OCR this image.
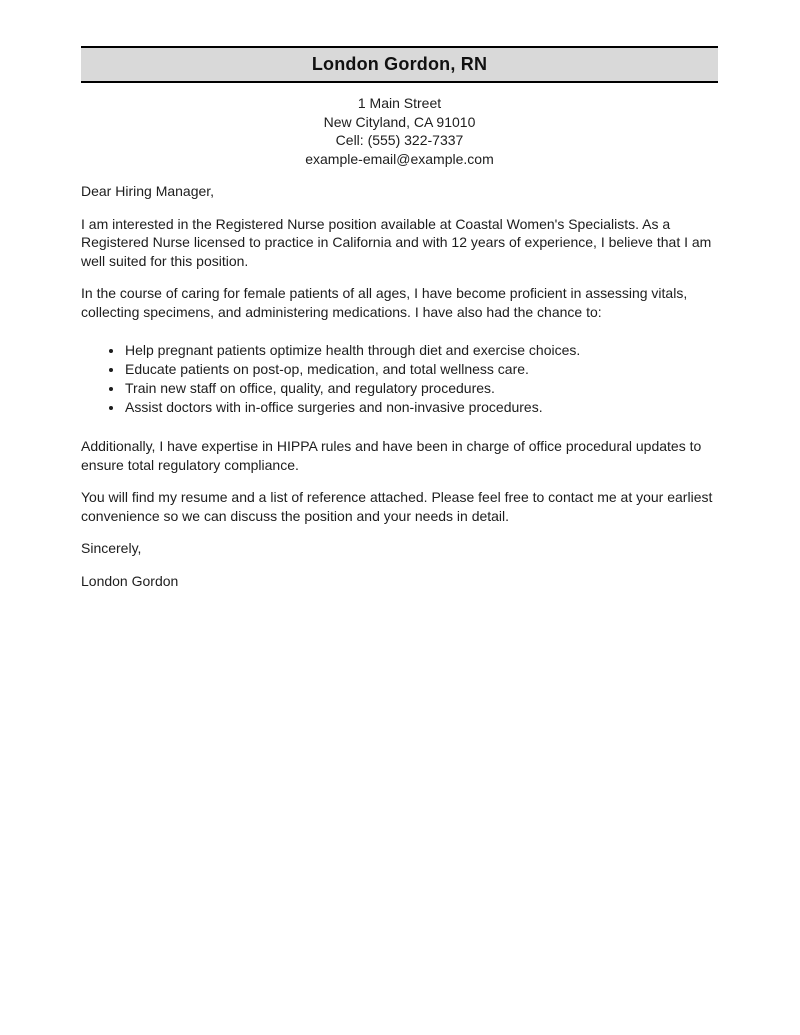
London Gordon, RN
1 Main Street
New Cityland, CA 91010
Cell: (555) 322-7337
example-email@example.com

Dear Hiring Manager,

I am interested in the Registered Nurse position available at Coastal Women's Specialists. As a Registered Nurse licensed to practice in California and with 12 years of experience, I believe that I am well suited for this position.

In the course of caring for female patients of all ages, I have become proficient in assessing vitals, collecting specimens, and administering medications. I have also had the chance to:

• Help pregnant patients optimize health through diet and exercise choices.
• Educate patients on post-op, medication, and total wellness care.
• Train new staff on office, quality, and regulatory procedures.
• Assist doctors with in-office surgeries and non-invasive procedures.

Additionally, I have expertise in HIPPA rules and have been in charge of office procedural updates to ensure total regulatory compliance.

You will find my resume and a list of reference attached. Please feel free to contact me at your earliest convenience so we can discuss the position and your needs in detail.

Sincerely,

London Gordon
